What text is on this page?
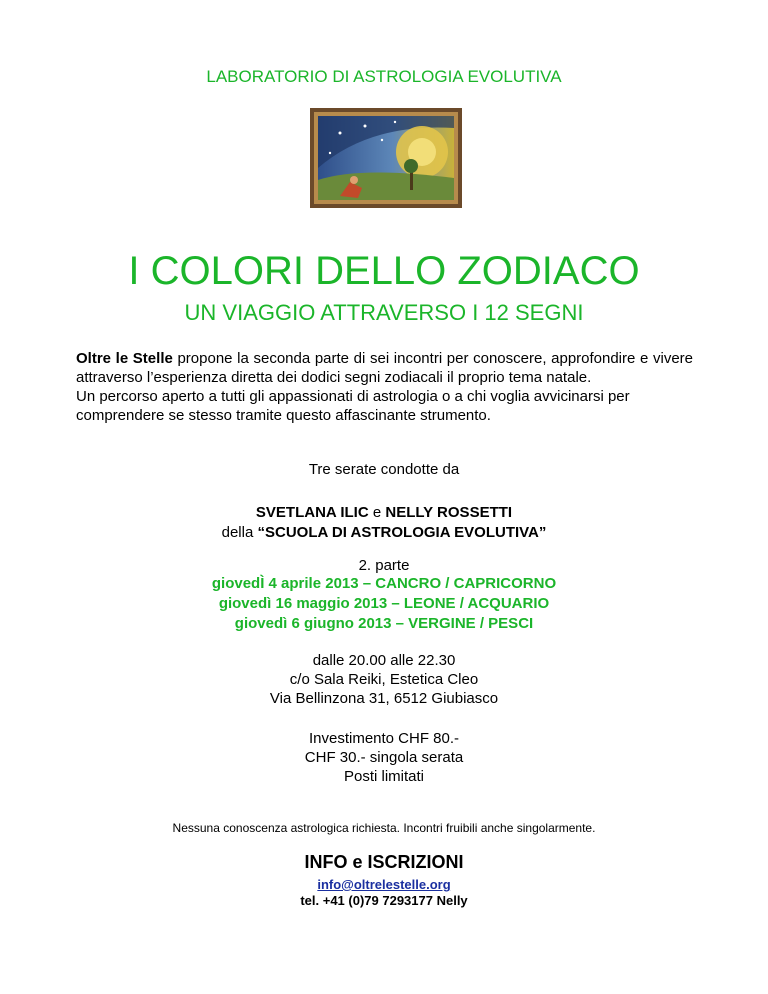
LABORATORIO DI ASTROLOGIA EVOLUTIVA
I COLORI DELLO ZODIACO
UN VIAGGIO ATTRAVERSO I 12 SEGNI

Oltre le Stelle propone la seconda parte di sei incontri per conoscere, approfondire e vivere attraverso l’esperienza diretta dei dodici segni zodiacali il proprio tema natale.

Un percorso aperto a tutti gli appassionati di astrologia o a chi voglia avvicinarsi per comprendere se stesso tramite questo affascinante strumento.

Tre serate condotte da
SVETLANA ILIC e NELLY ROSSETTI
della “SCUOLA DI ASTROLOGIA EVOLUTIVA”
2. parte
giovedÌ 4 aprile 2013 – CANCRO / CAPRICORNO
giovedì 16 maggio 2013 – LEONE / ACQUARIO
giovedì 6 giugno 2013 – VERGINE / PESCI
dalle 20.00 alle 22.30
c/o Sala Reiki, Estetica Cleo
Via Bellinzona 31, 6512 Giubiasco
Investimento CHF 80.-
CHF 30.- singola serata
Posti limitati
Nessuna conoscenza astrologica richiesta. Incontri fruibili anche singolarmente.
INFO e ISCRIZIONI
info@oltrelestelle.org
tel. +41 (0)79 7293177 Nelly
